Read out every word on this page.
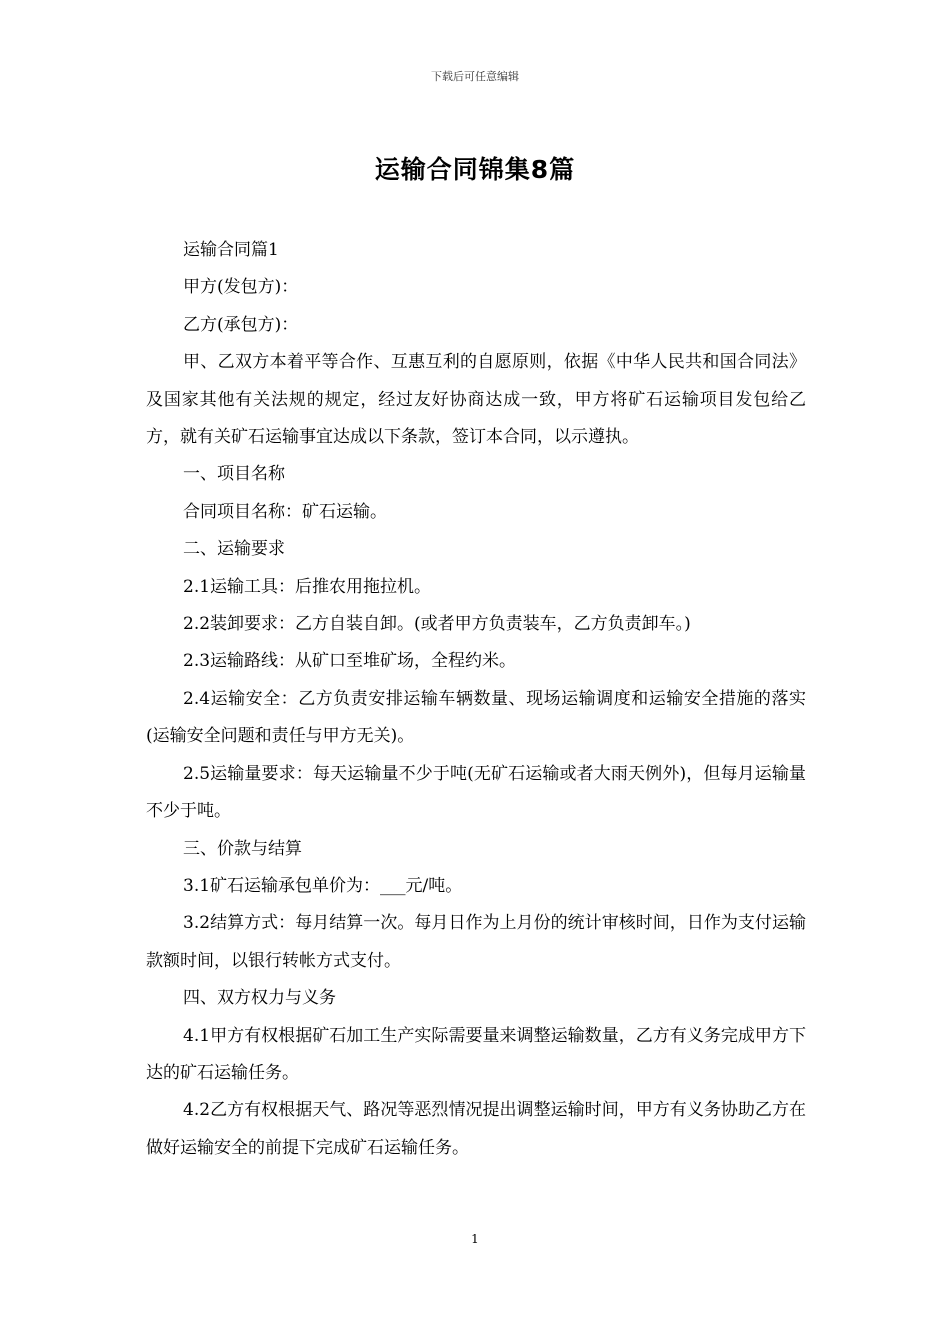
下载后可任意编辑
运输合同锦集8篇

运输合同篇1

甲方(发包方)：

乙方(承包方)：

甲、乙双方本着平等合作、互惠互利的自愿原则，依据《中华人民共和国合同法》及国家其他有关法规的规定，经过友好协商达成一致，甲方将矿石运输项目发包给乙方，就有关矿石运输事宜达成以下条款，签订本合同，以示遵执。

一、项目名称

合同项目名称：矿石运输。

二、运输要求

2.1运输工具：后推农用拖拉机。

2.2装卸要求：乙方自装自卸。(或者甲方负责装车，乙方负责卸车。)

2.3运输路线：从矿口至堆矿场，全程约米。

2.4运输安全：乙方负责安排运输车辆数量、现场运输调度和运输安全措施的落实(运输安全问题和责任与甲方无关)。

2.5运输量要求：每天运输量不少于吨(无矿石运输或者大雨天例外)，但每月运输量不少于吨。

三、价款与结算

3.1矿石运输承包单价为：___元/吨。

3.2结算方式：每月结算一次。每月日作为上月份的统计审核时间，日作为支付运输款额时间，以银行转帐方式支付。

四、双方权力与义务

4.1甲方有权根据矿石加工生产实际需要量来调整运输数量，乙方有义务完成甲方下达的矿石运输任务。

4.2乙方有权根据天气、路况等恶烈情况提出调整运输时间，甲方有义务协助乙方在做好运输安全的前提下完成矿石运输任务。

1
